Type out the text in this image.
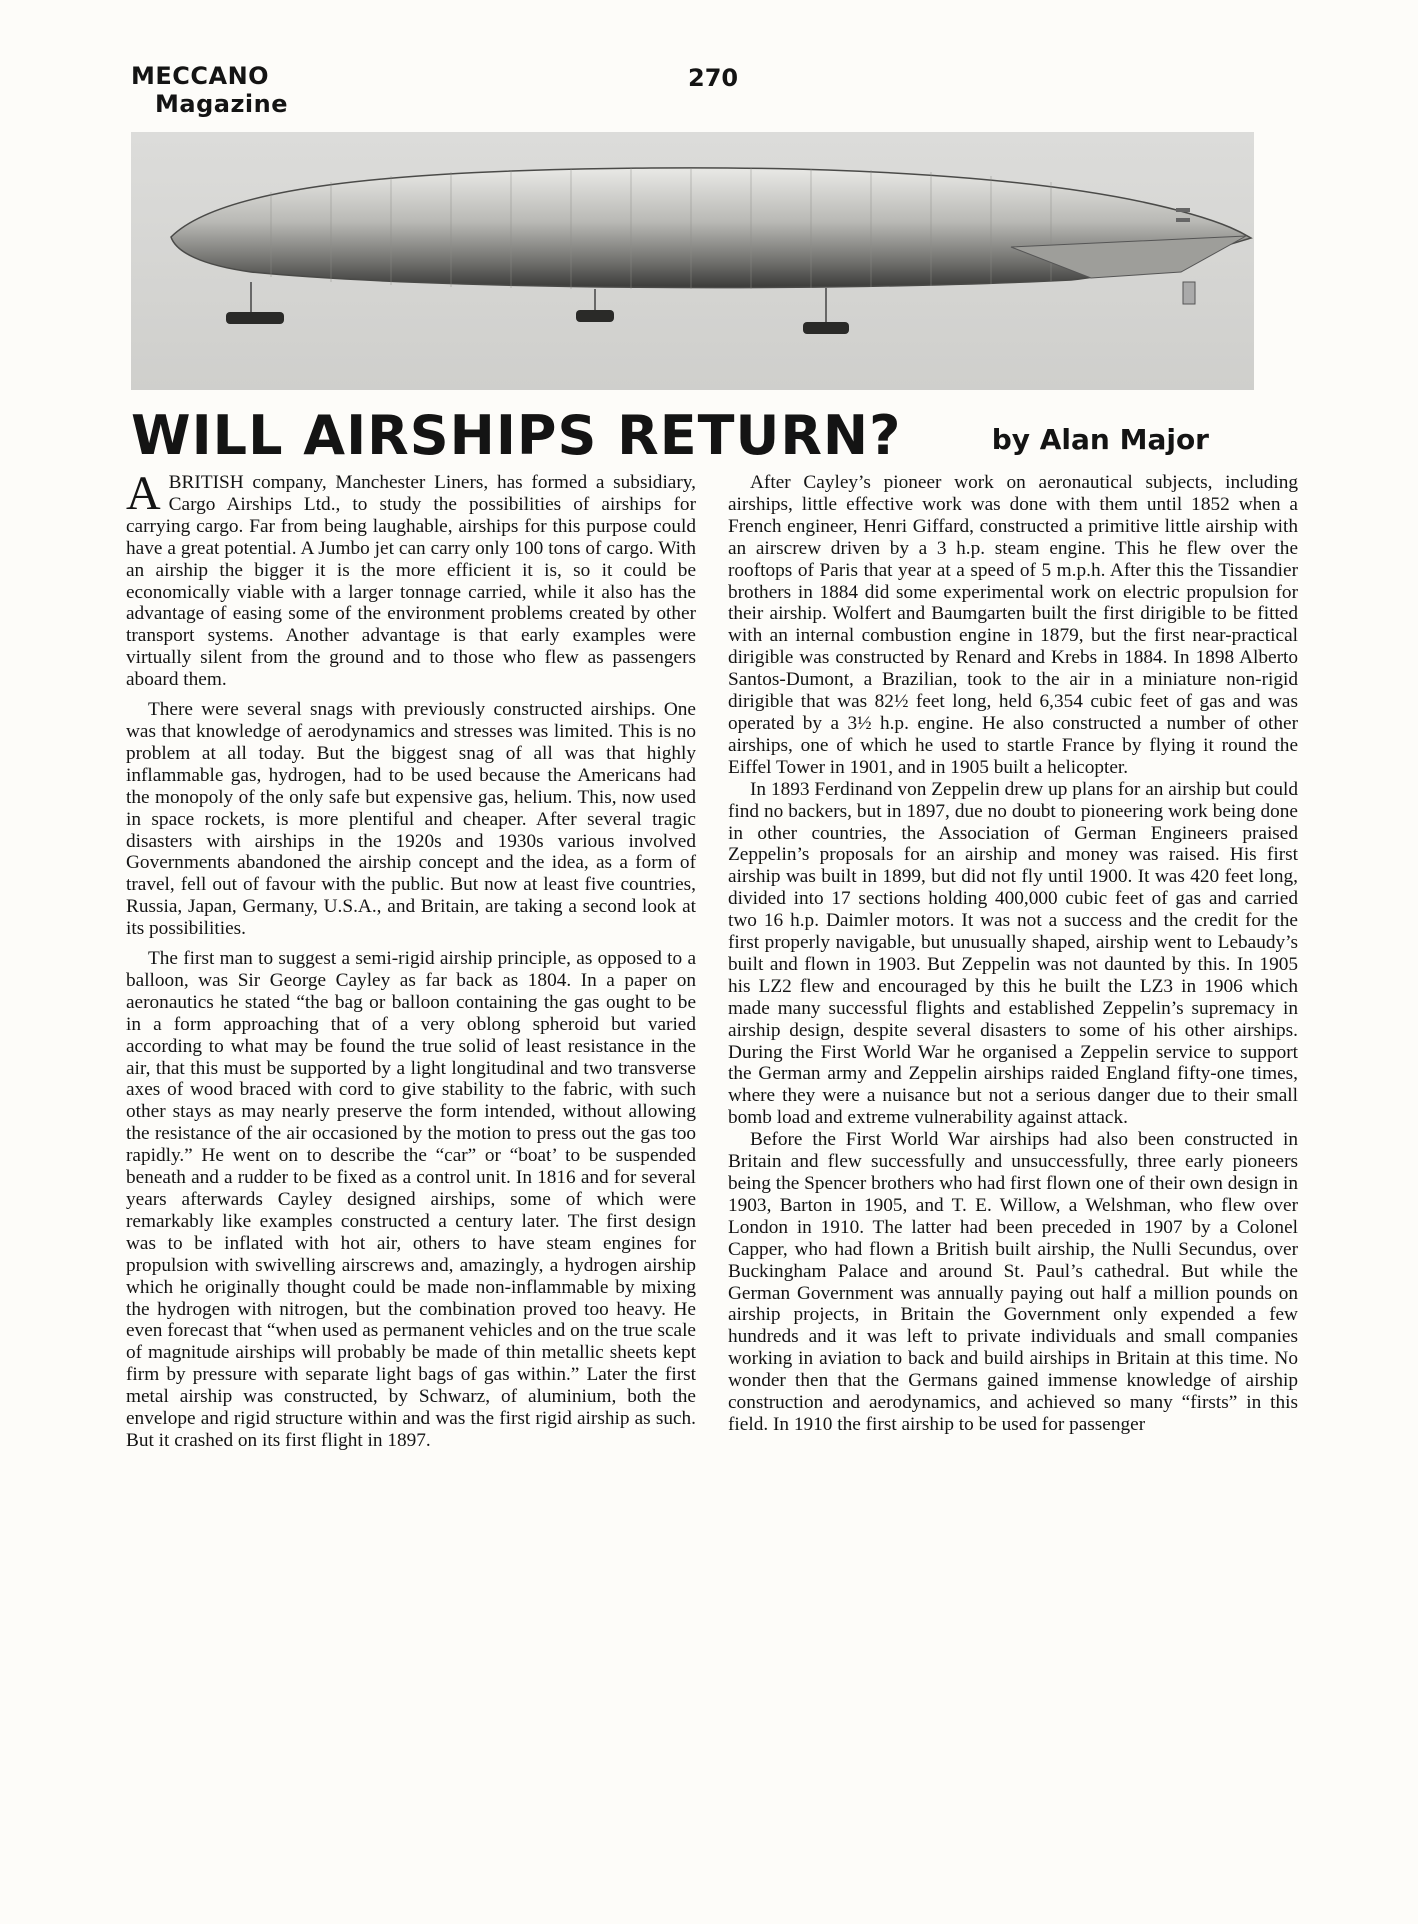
MECCANO
Magazine
270
WILL AIRSHIPS RETURN?	by Alan Major

A BRITISH company, Manchester Liners, has formed a subsidiary, Cargo Airships Ltd., to study the possibilities of airships for carrying cargo. Far from being laughable, airships for this purpose could have a great potential. A Jumbo jet can carry only 100 tons of cargo. With an airship the bigger it is the more efficient it is, so it could be economically viable with a larger tonnage carried, while it also has the advantage of easing some of the environment problems created by other transport systems. Another advantage is that early examples were virtually silent from the ground and to those who flew as passengers aboard them.

There were several snags with previously constructed airships. One was that knowledge of aerodynamics and stresses was limited. This is no problem at all today. But the biggest snag of all was that highly inflammable gas, hydrogen, had to be used because the Americans had the monopoly of the only safe but expensive gas, helium. This, now used in space rockets, is more plentiful and cheaper. After several tragic disasters with airships in the 1920s and 1930s various involved Governments abandoned the airship concept and the idea, as a form of travel, fell out of favour with the public. But now at least five countries, Russia, Japan, Germany, U.S.A., and Britain, are taking a second look at its possibilities.

The first man to suggest a semi-rigid airship principle, as opposed to a balloon, was Sir George Cayley as far back as 1804. In a paper on aeronautics he stated “the bag or balloon containing the gas ought to be in a form approaching that of a very oblong spheroid but varied according to what may be found the true solid of least resistance in the air, that this must be supported by a light longitudinal and two transverse axes of wood braced with cord to give stability to the fabric, with such other stays as may nearly preserve the form intended, without allowing the resistance of the air occasioned by the motion to press out the gas too rapidly.” He went on to describe the “car” or “boat’ to be suspended beneath and a rudder to be fixed as a control unit. In 1816 and for several years afterwards Cayley designed airships, some of which were remarkably like examples constructed a century later. The first design was to be inflated with hot air, others to have steam engines for propulsion with swivelling airscrews and, amazingly, a hydrogen airship which he originally thought could be made non-inflammable by mixing the hydrogen with nitrogen, but the combination proved too heavy. He even forecast that “when used as permanent vehicles and on the true scale of magnitude airships will probably be made of thin metallic sheets kept firm by pressure with separate light bags of gas within.” Later the first metal airship was constructed, by Schwarz, of aluminium, both the envelope and rigid structure within and was the first rigid airship as such. But it crashed on its first flight in 1897.

After Cayley’s pioneer work on aeronautical subjects, including airships, little effective work was done with them until 1852 when a French engineer, Henri Giffard, constructed a primitive little airship with an airscrew driven by a 3 h.p. steam engine. This he flew over the rooftops of Paris that year at a speed of 5 m.p.h. After this the Tissandier brothers in 1884 did some experimental work on electric propulsion for their airship. Wolfert and Baumgarten built the first dirigible to be fitted with an internal combustion engine in 1879, but the first near-practical dirigible was constructed by Renard and Krebs in 1884. In 1898 Alberto Santos-Dumont, a Brazilian, took to the air in a miniature non-rigid dirigible that was 82½ feet long, held 6,354 cubic feet of gas and was operated by a 3½ h.p. engine. He also constructed a number of other airships, one of which he used to startle France by flying it round the Eiffel Tower in 1901, and in 1905 built a helicopter.

In 1893 Ferdinand von Zeppelin drew up plans for an airship but could find no backers, but in 1897, due no doubt to pioneering work being done in other countries, the Association of German Engineers praised Zeppelin’s proposals for an airship and money was raised. His first airship was built in 1899, but did not fly until 1900. It was 420 feet long, divided into 17 sections holding 400,000 cubic feet of gas and carried two 16 h.p. Daimler motors. It was not a success and the credit for the first properly navigable, but unusually shaped, airship went to Lebaudy’s built and flown in 1903. But Zeppelin was not daunted by this. In 1905 his LZ2 flew and encouraged by this he built the LZ3 in 1906 which made many successful flights and established Zeppelin’s supremacy in airship design, despite several disasters to some of his other airships. During the First World War he organised a Zeppelin service to support the German army and Zeppelin airships raided England fifty-one times, where they were a nuisance but not a serious danger due to their small bomb load and extreme vulnerability against attack.

Before the First World War airships had also been constructed in Britain and flew successfully and unsuccessfully, three early pioneers being the Spencer brothers who had first flown one of their own design in 1903, Barton in 1905, and T. E. Willow, a Welshman, who flew over London in 1910. The latter had been preceded in 1907 by a Colonel Capper, who had flown a British built airship, the Nulli Secundus, over Buckingham Palace and around St. Paul’s cathedral. But while the German Government was annually paying out half a million pounds on airship projects, in Britain the Government only expended a few hundreds and it was left to private individuals and small companies working in aviation to back and build airships in Britain at this time. No wonder then that the Germans gained immense knowledge of airship construction and aerodynamics, and achieved so many “firsts” in this field. In 1910 the first airship to be used for passenger
